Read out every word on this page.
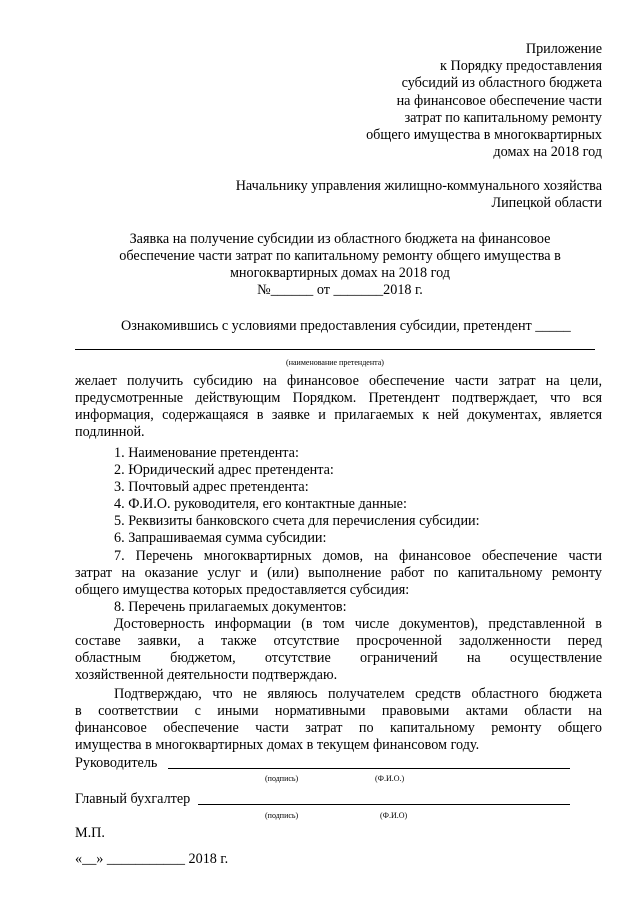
Приложение
к Порядку предоставления
субсидий из областного бюджета
на финансовое обеспечение части
затрат по капитальному ремонту
общего имущества в многоквартирных
домах на 2018 год
Начальнику управления жилищно-коммунального хозяйства
Липецкой области
Заявка на получение субсидии из областного бюджета на финансовое
обеспечение части затрат по капитальному ремонту общего имущества в
многоквартирных домах на 2018 год
№______ от _______2018 г.
Ознакомившись с условиями предоставления субсидии, претендент _____
(наименование претендента)
желает получить субсидию на финансовое обеспечение части затрат на цели,
предусмотренные действующим Порядком. Претендент подтверждает, что вся
информация, содержащаяся в заявке и прилагаемых к ней документах, является
подлинной.
1. Наименование претендента:
2. Юридический адрес претендента:
3. Почтовый адрес претендента:
4. Ф.И.О. руководителя, его контактные данные:
5. Реквизиты банковского счета для перечисления субсидии:
6. Запрашиваемая сумма субсидии:
7. Перечень многоквартирных домов, на финансовое обеспечение части
затрат на оказание услуг и (или) выполнение работ по капитальному ремонту
общего имущества которых предоставляется субсидия:
8. Перечень прилагаемых документов:
Достоверность информации (в том числе документов), представленной в
составе заявки, а также отсутствие просроченной задолженности перед
областным бюджетом, отсутствие ограничений на осуществление
хозяйственной деятельности подтверждаю.
Подтверждаю, что не являюсь получателем средств областного бюджета
в соответствии с иными нормативными правовыми актами области на
финансовое обеспечение части затрат по капитальному ремонту общего
имущества в многоквартирных домах в текущем финансовом году.
Руководитель
(подпись)	(Ф.И.О.)
Главный бухгалтер
(подпись)	(Ф.И.О)
М.П.
«__» ___________ 2018 г.
